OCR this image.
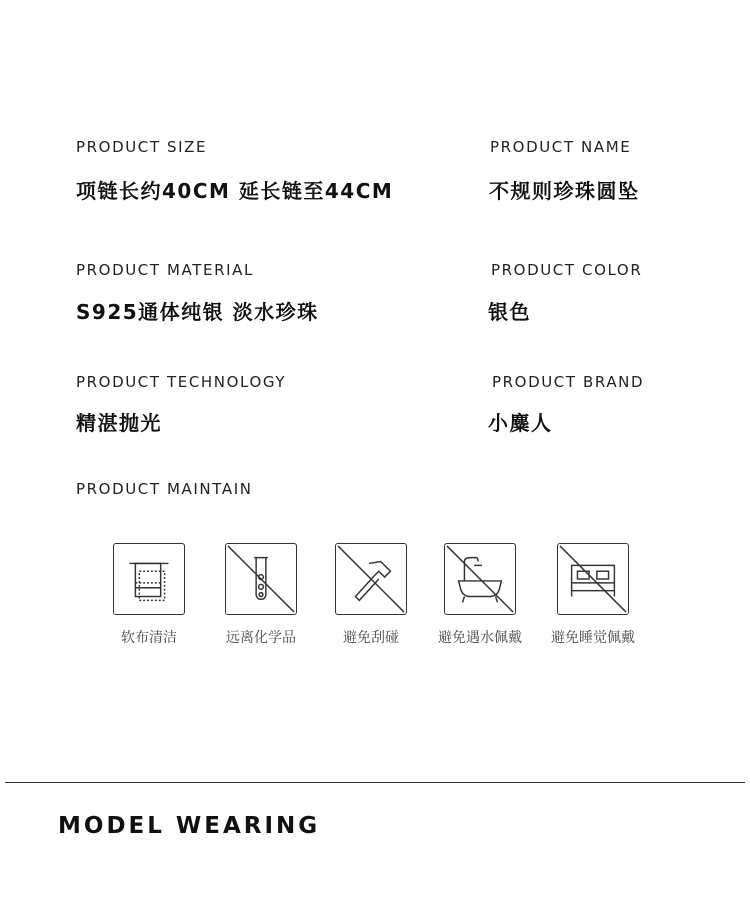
PRODUCT SIZE
项链长约40CM 延长链至44CM
PRODUCT NAME
不规则珍珠圆坠
PRODUCT MATERIAL
S925通体纯银 淡水珍珠
PRODUCT COLOR
银色
PRODUCT TECHNOLOGY
精湛抛光
PRODUCT BRAND
小麋人
PRODUCT MAINTAIN
软布清洁	远离化学品	避免刮碰	避免遇水佩戴	避免睡觉佩戴
MODEL WEARING
